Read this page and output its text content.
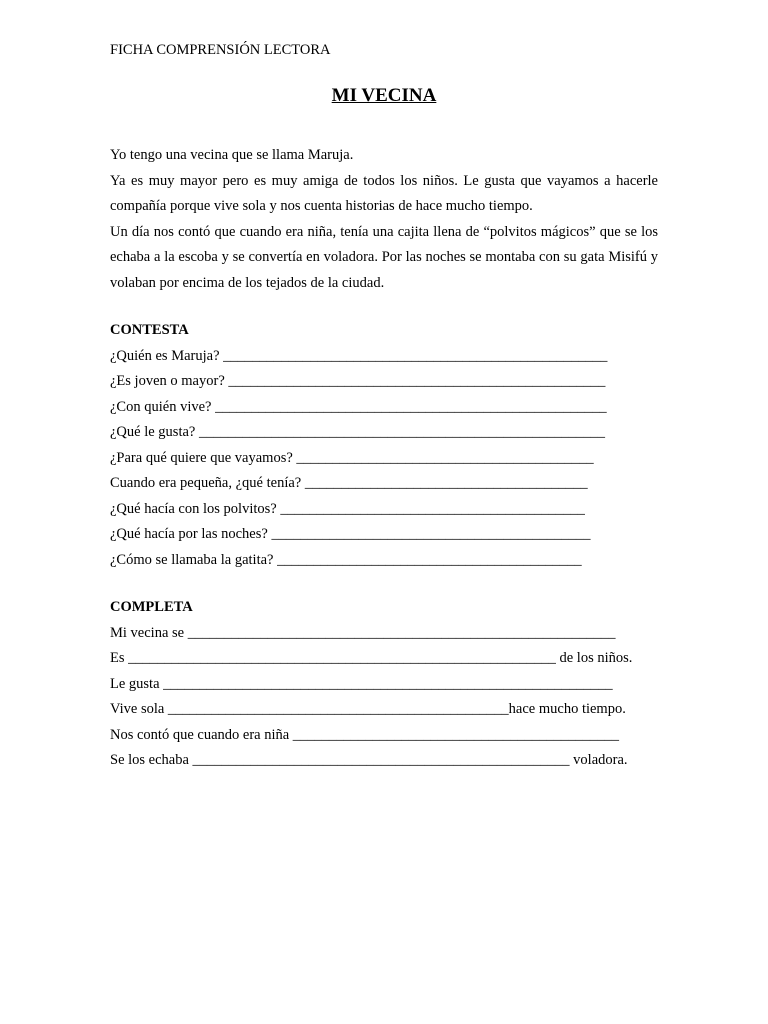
FICHA COMPRENSIÓN LECTORA
MI VECINA

Yo tengo una vecina que se llama Maruja.

Ya es muy mayor pero es muy amiga de todos los niños. Le gusta que vayamos a hacerle compañía porque vive sola y nos cuenta historias de hace mucho tiempo.

Un día nos contó que cuando era niña, tenía una cajita llena de “polvitos mágicos” que se los echaba a la escoba y se convertía en voladora. Por las noches se montaba con su gata Misifú y volaban por encima de los tejados de la ciudad.

CONTESTA
¿Quién es Maruja? _____________________________________________________
¿Es joven o mayor? ____________________________________________________
¿Con quién vive? ______________________________________________________
¿Qué le gusta? ________________________________________________________
¿Para qué quiere que vayamos? _________________________________________
Cuando era pequeña, ¿qué tenía? _______________________________________
¿Qué hacía con los polvitos? __________________________________________
¿Qué hacía por las noches? ____________________________________________
¿Cómo se llamaba la gatita? __________________________________________
COMPLETA
Mi vecina se ___________________________________________________________
Es ___________________________________________________________ de los niños.
Le gusta ______________________________________________________________
Vive sola _______________________________________________hace mucho tiempo.
Nos contó que cuando era niña _____________________________________________
Se los echaba ____________________________________________________ voladora.
